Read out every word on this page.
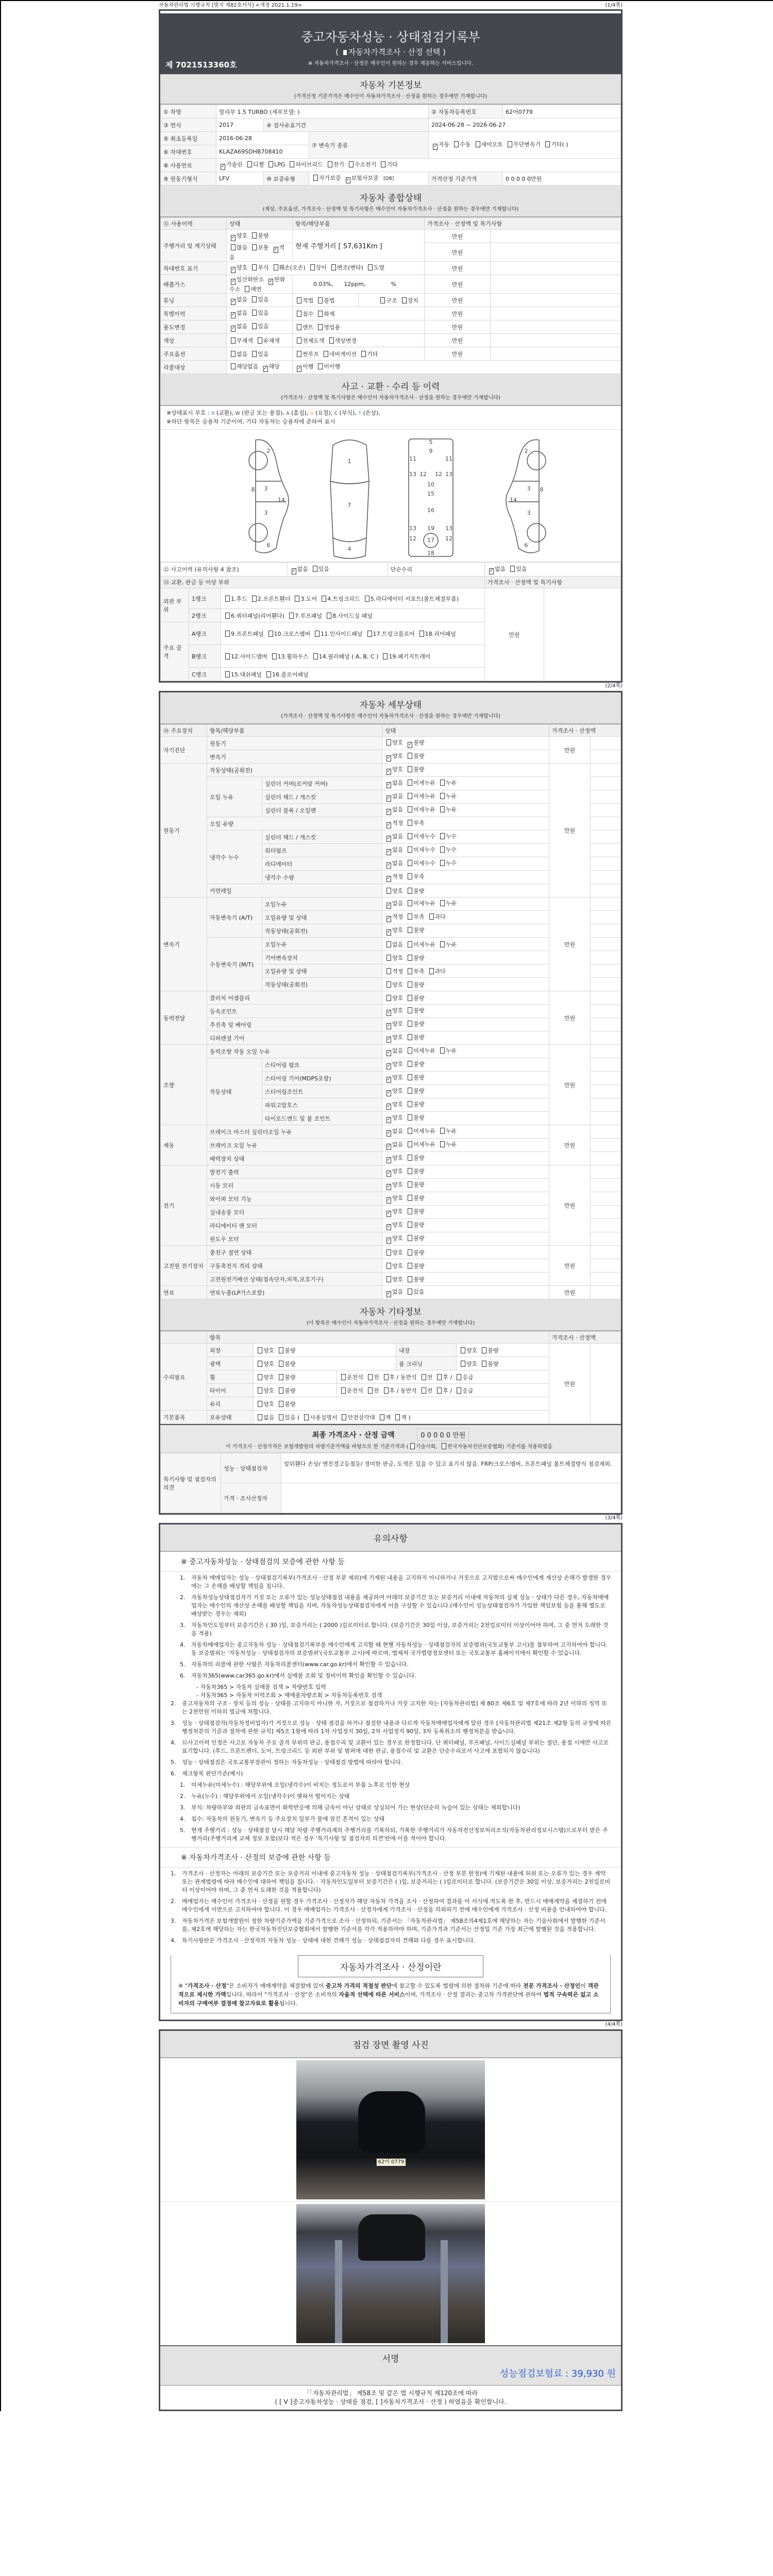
자동차관리법 시행규칙 [별지 제82호서식] <개정 2021.1.19>	(1/4쪽)
중고자동차성능 · 상태점검기록부
( 자동차가격조사 · 산정 선택 )
※ 자동차가격조사 · 산정은 매수인이 원하는 경우 제공하는 서비스입니다.
제 7021513360호
자동차 기본정보

(가격산정 기준가격은 매수인이 자동차가격조사 · 산정을 원하는 경우에만 기재합니다)

① 차명	말리부 1.5 TURBO (세부모델: )			② 자동차등록번호	62어0779
③ 연식	2017	④ 검사유효기간		2024-06-28 ~ 2026-06-27	
⑤ 최초등록일	2016-06-28		⑦ 변속기 종류	✓ 자동 수동 세미오토 무단변속기 기타( )	
⑥ 차대번호	KLAZA69SDHB708410				
⑧ 사용연료	✓ 가솔린 디젤 LPG 하이브리드 전기 수소전기 기타				
⑨ 원동기형식	LFV	⑩ 보증유형	자가보증 ✓ 보험사보증 [DB]	가격산정 기준가격	0 0 0 0 0만원
자동차 종합상태

(색상, 주요옵션, 가격조사 · 산정액 및 특기사항은 매수인이 자동차가격조사 · 산정을 원하는 경우에만 기재합니다)

⑪ 사용이력	상태	항목/해당부품		가격조사 · 산정액 및 특기사항	
주행거리 및 계기상태	✓ 양호 불량	현재 주행거리 [ 57,631Km ]		만원	
	많음 보통 ✓ 적음			만원	
차대번호 표기	✓ 양호 부식 훼손(오손) 상이 변조(변타) 도말			만원	
배출가스	✓ 일산화탄소 ✓ 탄화수소 매연	0.03%,      12ppm,              %		만원	
튜닝	✓ 없음 있음	적법 불법	구조 장치	만원	
특별이력	✓ 없음 있음	침수 화재		만원	
용도변경	✓ 없음 있음	렌트 영업용		만원	
색상	무채색 유채색	전체도색 색상변경		만원	
주요옵션	없음 있음	썬루프 네비게이션 기타		만원	
리콜대상	해당없음 ✓ 해당	✓ 이행 미이행			
사고 · 교환 · 수리 등 이력

(가격조사 · 산정액 및 특기사항은 매수인이 자동차가격조사 · 산정을 원하는 경우에만 기재합니다)

※상태표시 부호 : X (교환), W (판금 또는 용접), A (흠집), U (요철), C (부식), T (손상),
※하단 항목은 승용차 기준이며, 기타 자동차는 승용차에 준하여 표시
2
3
3
8
14
6
2
3
3
8
14
6
1
7
4
5
9
11	11
13	13
12 12
10
15
16
13	13
19
17
12	12
18
⑫ 사고이력 (유의사항 4 참조)	✓ 없음 있음	단순수리
		✓ 없음 있음
⑬ 교환, 판금 등 이상 부위	가격조사 · 산정액 및 특기사항
외판 부위	1랭크	1.후드 2.프론트휀더 3.도어 4.트렁크리드 5.라디에이터 서포트(볼트체결부품)	만원	
2랭크	6.쿼터패널(리어휀다) 7.루프패널 8.사이드실 패널
주요 골격	A랭크	9.프론트패널 10.크로스멤버 11.인사이드패널 17.트렁크플로어 18.리어패널
B랭크	12.사이드멤버 13.휠하우스 14.필러패널 ( A, B, C ) 19.패키지트레이
C랭크	15.대쉬패널 16.플로어패널
(2/4쪽)
자동차 세부상태

(가격조사 · 산정액 및 특기사항은 매수인이 자동차가격조사 · 산정을 원하는 경우에만 기재합니다)

⑭ 주요장치	항목/해당부품		상태	가격조사 · 산정액	
자기진단	원동기		양호 ✓ 불량	만원	
	변속기		✓ 양호 불량		
원동기	작동상태(공회전)		✓ 양호 불량	만원	
	오일 누유	실린더 커버(로커암 커버)	✓ 없음 미세누유 누유		
		실린더 헤드 / 개스킷	✓ 없음 미세누유 누유		
		실린더 블록 / 오일팬	✓ 없음 미세누유 누유		
	오일 유량		✓ 적정 부족		
	냉각수 누수	실린더 헤드 / 개스킷	✓ 없음 미세누수 누수		
		워터펌프	✓ 없음 미세누수 누수		
		라디에이터	✓ 없음 미세누수 누수		
		냉각수 수량	✓ 적정 부족		
	커먼레일		양호 불량		
변속기	자동변속기 (A/T)	오일누유	✓ 없음 미세누유 누유	만원	
		오일유량 및 상태	✓ 적정 부족 과다		
		작동상태(공회전)	✓ 양호 불량		
	수동변속기 (M/T)	오일누유	없음 미세누유 누유		
		기어변속장치	양호 불량		
		오일유량 및 상태	적정 부족 과다		
		작동상태(공회전)	양호 불량		
동력전달	클러치 어셈블리		양호 불량	만원	
	등속조인트		✓ 양호 불량		
	추진축 및 베어링		✓ 양호 불량		
	디퍼렌셜 기어		✓ 양호 불량		
조향	동력조향 작동 오일 누유		✓ 없음 미세누유 누유	만원	
	작동상태	스티어링 펌프	✓ 양호 불량		
		스티어링 기어(MDPS포함)	✓ 양호 불량		
		스티어링조인트	✓ 양호 불량		
		파워고압호스	✓ 양호 불량		
		타이로드엔드 및 볼 조인트	✓ 양호 불량		
제동	브레이크 마스터 실린더오일 누유		✓ 없음 미세누유 누유	만원	
	브레이크 오일 누유		✓ 없음 미세누유 누유		
	배력장치 상태		✓ 양호 불량		
전기	발전기 출력		✓ 양호 불량	만원	
	시동 모터		✓ 양호 불량		
	와이퍼 모터 기능		✓ 양호 불량		
	실내송풍 모터		✓ 양호 불량		
	라디에이터 팬 모터		✓ 양호 불량		
	윈도우 모터		✓ 양호 불량		
고전원 전기장치	충전구 절연 상태		양호 불량	만원	
	구동축전지 격리 상태		양호 불량		
	고전원전기배선 상태(접속단자,피복,보호기구)		양호 불량		
연료	연료누출(LP가스포함)		✓ 없음 있음	만원	
자동차 기타정보

(이 항목은 매수인이 자동차가격조사 · 산정을 원하는 경우에만 기재합니다)

	항목					가격조사 · 산정액	
수리필요	외장	양호 불량		내장	양호 불량	만원	
	광택	양호 불량		룸 크리닝	양호 불량		
	휠	양호 불량	운전석 전 후 / 동반석 전 후 / 응급				
	타이어	양호 불량	운전석 전 후 / 동반석 전 후 / 응급				
	유리	양호 불량					
기본품목	보유상태	없음 있음 ( 사용설명서 안전삼각대 잭 잭 )					
최종 가격조사 · 산정 금액	0 0 0 0 0 만원
이 가격조사 · 산정가격은 보험개발원의 차량기준가액을 바탕으로 한 기준가격과 ( 기술사회, 한국자동차진단보증협회) 기준서를 적용하였음
특기사항 및 점검자의 의견	성능 · 상태점검자	앞뒤휀다 손상/ 엔진경고등점등/ 경미한 판금, 도색은 있을 수 있고 표기치 않음. FRP/크로스멤버, 프론트패널 볼트체결방식 점검제외.
	가격 · 조사산정자	
(3/4쪽)
유의사항
※ 중고자동차성능 · 상태점검의 보증에 관한 사항 등
1.	자동차 매매업자는 성능 · 상태점검기록부(가격조사 · 산정 부분 제외)에 기재된 내용을 고지하지 아니하거나 거짓으로 고지함으로써 매수인에게 재산상 손해가 발생한 경우에는 그 손해를 배상할 책임을 집니다.
2.	자동차성능상태점검자가 거짓 또는 오류가 있는 성능상태점검 내용을 제공하여 아래의 보증기간 또는 보증거리 이내에 자동차의 실제 성능 · 상태가 다른 경우, 자동차매매업자는 매수인의 재산상 손해를 배상할 책임을 지며, 자동차성능상태점검자에게 이를 구상할 수 있습니다.(매수인이 성능상태점검자가 가입한 책임보험 등을 통해 별도로 배상받는 경우는 제외)
3.	자동차인도일부터 보증기간은 ( 30 )일, 보증거리는 ( 2000 )킬로미터로 합니다. (보증기간은 30일 이상, 보증거리는 2천킬로미터 이상이어야 하며, 그 중 먼저 도래한 것을 적용)
4.	자동차매매업자는 중고자동차 성능 · 상태점검기록부를 매수인에게 고지할 때 현행 자동차성능 · 상태점검자의 보증범위(국토교통부 고시)를 첨부하여 고지하여야 합니다. 동 보증범위는 '자동차성능 · 상태점검자의 보증범위'(국토교통부 고시)에 따르며, 법제처 국가법령정보센터 또는 국토교통부 홈페이지에서 확인할 수 있습니다.
5.	자동차의 리콜에 관한 사항은 자동차리콜센터(www.car.go.kr)에서 확인할 수 있습니다.
6.	자동차365(www.car365.go.kr)에서 실매물 조회 및 정비이력 확인을 확인할 수 있습니다.
- 자동차365 > 자동차 실매물 검색 > 차량번호 입력
- 자동차365 > 자동차 이력조회 > 매매용차량조회 > 자동차등록번호 검색
2.	중고자동차의 구조 · 장치 등의 성능 · 상태를 고지하지 아니한 자, 거짓으로 점검하거나 거짓 고지한 자는 [자동차관리법] 제 80조 제6호 및 제7호에 따라 2년 이하의 징역 또는 2천만원 이하의 벌금에 처합니다.
3.	성능 · 상태점검자(자동차정비업자)가 거짓으로 성능 · 상태 점검을 하거나 점검한 내용과 다르게 자동차매매업자에게 알린 경우 [자동차관리법 제21조 제2항 등의 규정에 따른 행정처분의 기준과 절차에 관한 규칙] 제5조 1항에 따라 1차 사업정지 30일, 2차 사업정지 90일, 3차 등록취소의 행정처분을 받습니다.
4.	⑫사고이력 인정은 사고로 자동차 주요 골격 부위의 판금, 용접수리 및 교환이 있는 경우로 한정합니다. 단 쿼터패널, 루프패널, 사이드실패널 부위는 절단, 용접 시에만 사고로 표기합니다. (후드, 프론트펜더, 도어, 트렁크리드 등 외판 부위 및 범퍼에 대한 판금, 용접수리 및 교환은 단순수리로서 사고에 포함되지 않습니다)
5.	성능 · 상태점검은 국토교통부장관이 정하는 자동차성능 · 상태점검 방법에 따라야 합니다.
6.	체크항목 판단기준(예시)
1.	미세누유(미세누수) : 해당부위에 오일(냉각수)이 비치는 정도로서 부품 노후로 인한 현상
2.	누유(누수) : 해당부위에서 오일(냉각수)이 맺혀서 떨어지는 상태
3.	부식: 차량하부와 외판의 금속표면이 화학반응에 의해 금속이 아닌 상태로 상실되어 가는 현상(단순히 녹슬어 있는 상태는 제외합니다)
4.	침수: 자동차의 원동기, 변속기 등 주요장치 일부가 물에 잠긴 흔적이 있는 상태
5.	현재 주행거리 : 성능 · 상태점검 당시 해당 차량 주행거리계의 주행거리를 기록하되, 기록한 주행거리가 자동차전산정보처리조직(자동차관리정보시스템)으로부터 받은 주행거리(주행거리계 교체 정보 포함)보다 적은 경우 '특기사항 및 점검자의 의견'란에 이를 적어야 합니다.
※ 자동차가격조사 · 산정의 보증에 관한 사항 등
1.	가격조사 · 산정자는 아래의 보증기간 또는 보증거리 이내에 중고자동차 성능 · 상태점검기록부(가격조사 · 산정 부분 한정)에 기재된 내용에 허위 또는 오류가 있는 경우 계약 또는 관계법령에 따라 매수인에 대하여 책임을 집니다. · 자동차인도일부터 보증기간은 ( )일, 보증거리는 ( )킬로미터로 합니다. (보증기간은 30일 이상, 보증거리는 2천킬로미터 이상이어야 하며, 그 중 먼저 도래한 것을 적용합니다)
2.	매매업자는 매수인이 가격조사 · 산정을 원할 경우 가격조사 · 산정자가 해당 자동차 가격을 조사 · 산정하여 결과를 이 서식에 적도록 한 후, 반드시 매매계약을 체결하기 전에 매수인에게 서면으로 고지하여야 합니다. 이 경우 매매업자는 가격조사 · 산정자에게 가격조사 · 산정을 의뢰하기 전에 매수인에게 가격조사 · 산정 비용을 안내하여야 합니다.
3.	자동차가격은 보험개발원이 정한 차량기준가액을 기준가격으로 조사 · 산정하되, 기준서는 「자동차관리법」 제58조의4제1호에 해당하는 자는 기술사회에서 발행한 기준서를, 제2호에 해당하는 자는 한국자동차진단보증협회에서 발행한 기준서를 각각 적용하여야 하며, 기준가격과 기준서는 산정일 기준 가장 최근에 발행된 것을 적용합니다.
4.	특기사항란은 가격조사 · 산정자의 자동차 성능 · 상태에 대한 견해가 성능 · 상태점검자의 견해와 다를 경우 표시합니다.
자동차가격조사 · 산정이란

※ "가격조사 · 산정"은 소비자가 매매계약을 체결함에 있어 중고차 가격의 적절성 판단에 참고할 수 있도록 법령에 의한 절차와 기준에 따라 전문 가격조사 · 산정인이 객관적으로 제시한 가액입니다. 따라서 "가격조사 · 산정"은 소비자의 자율적 선택에 따른 서비스이며, 가격조사 · 산정 결과는 중고차 가격판단에 관하여 법적 구속력은 없고 소비자의 구매여부 결정에 참고자료로 활용됩니다.

(4/4쪽)
점검 장면 촬영 사진
62어 0779
서명
성능점검보험료 : 39,930 원
「「자동차관리법」 제58조 및 같은 법 시행규칙 제120조에 따라
( [ V ]중고자동차성능 · 상태를 점검, [ ]자동차가격조사 · 산정 ) 하였음을 확인합니다.
